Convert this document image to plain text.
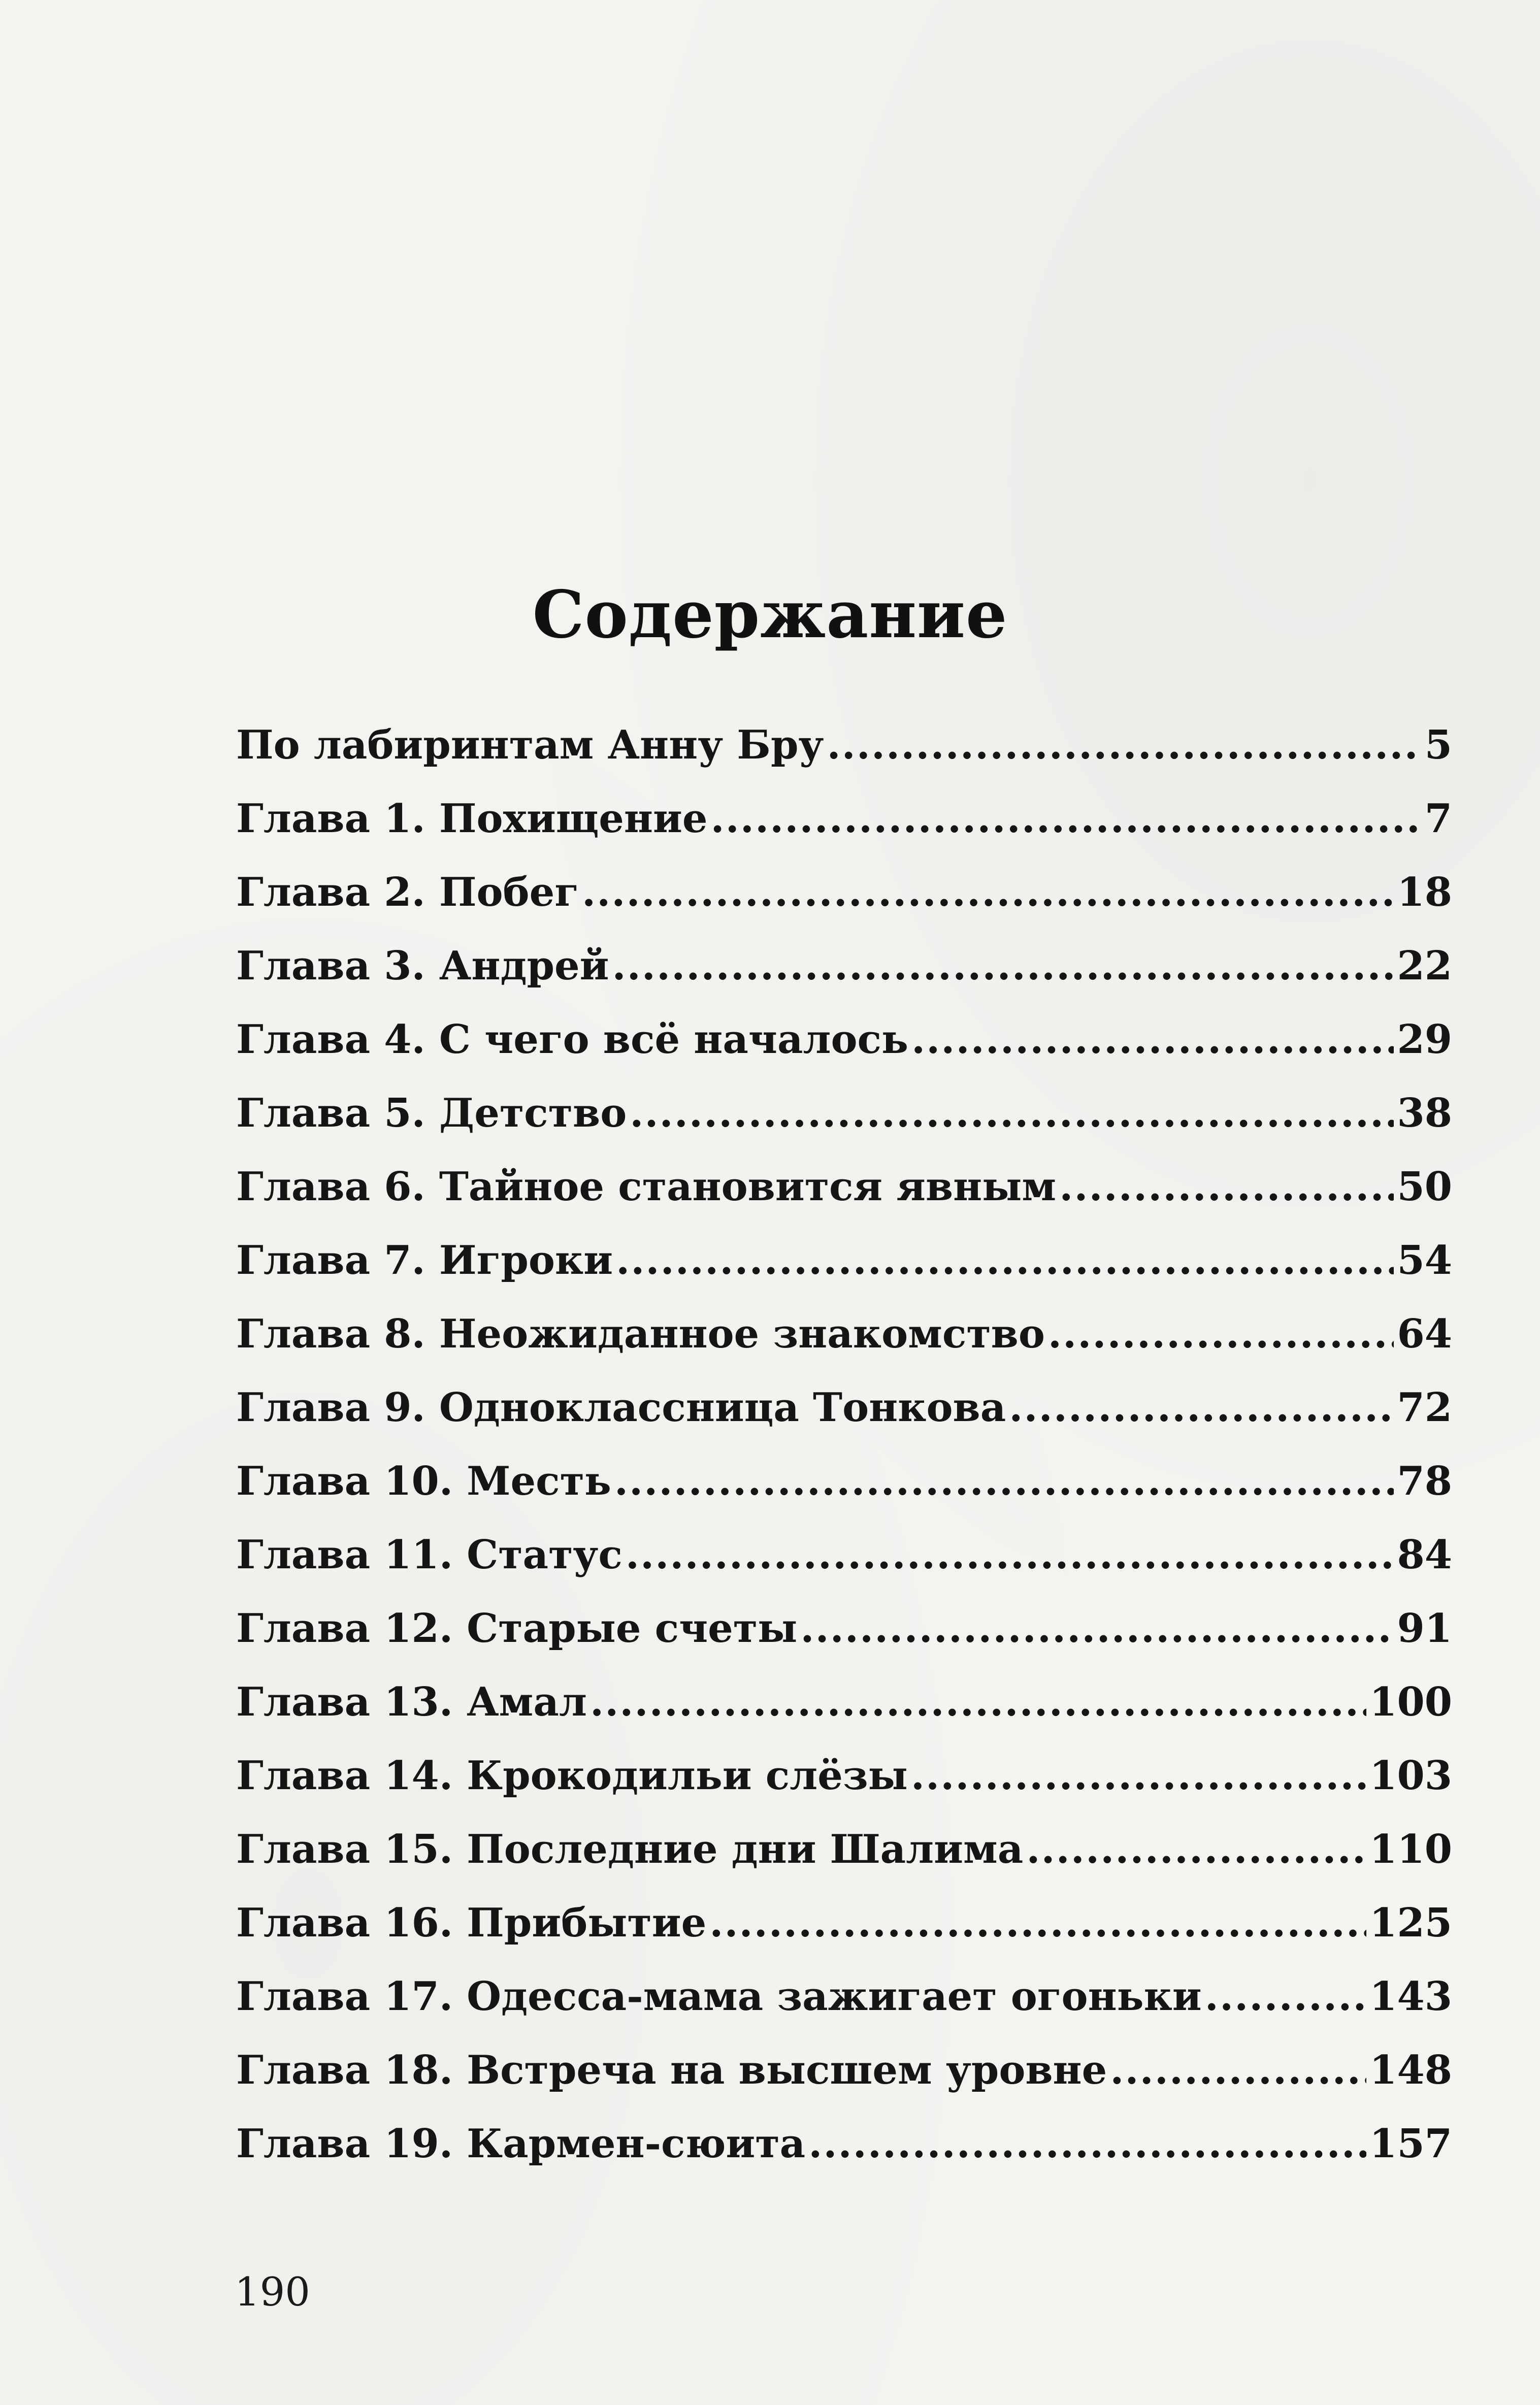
Содержание
По лабиринтам Анну Бру .....	5
Глава 1. Похищение .....	7
Глава 2. Побег .....	18
Глава 3. Андрей .....	22
Глава 4. С чего всё началось .....	29
Глава 5. Детство .....	38
Глава 6. Тайное становится явным .....	50
Глава 7. Игроки .....	54
Глава 8. Неожиданное знакомство .....	64
Глава 9. Одноклассница Тонкова .....	72
Глава 10. Месть .....	78
Глава 11. Статус .....	84
Глава 12. Старые счеты .....	91
Глава 13. Амал .....	100
Глава 14. Крокодильи слёзы .....	103
Глава 15. Последние дни Шалима .....	110
Глава 16. Прибытие .....	125
Глава 17. Одесса-мама зажигает огоньки .....	143
Глава 18. Встреча на высшем уровне .....	148
Глава 19. Кармен-сюита .....	157
190
